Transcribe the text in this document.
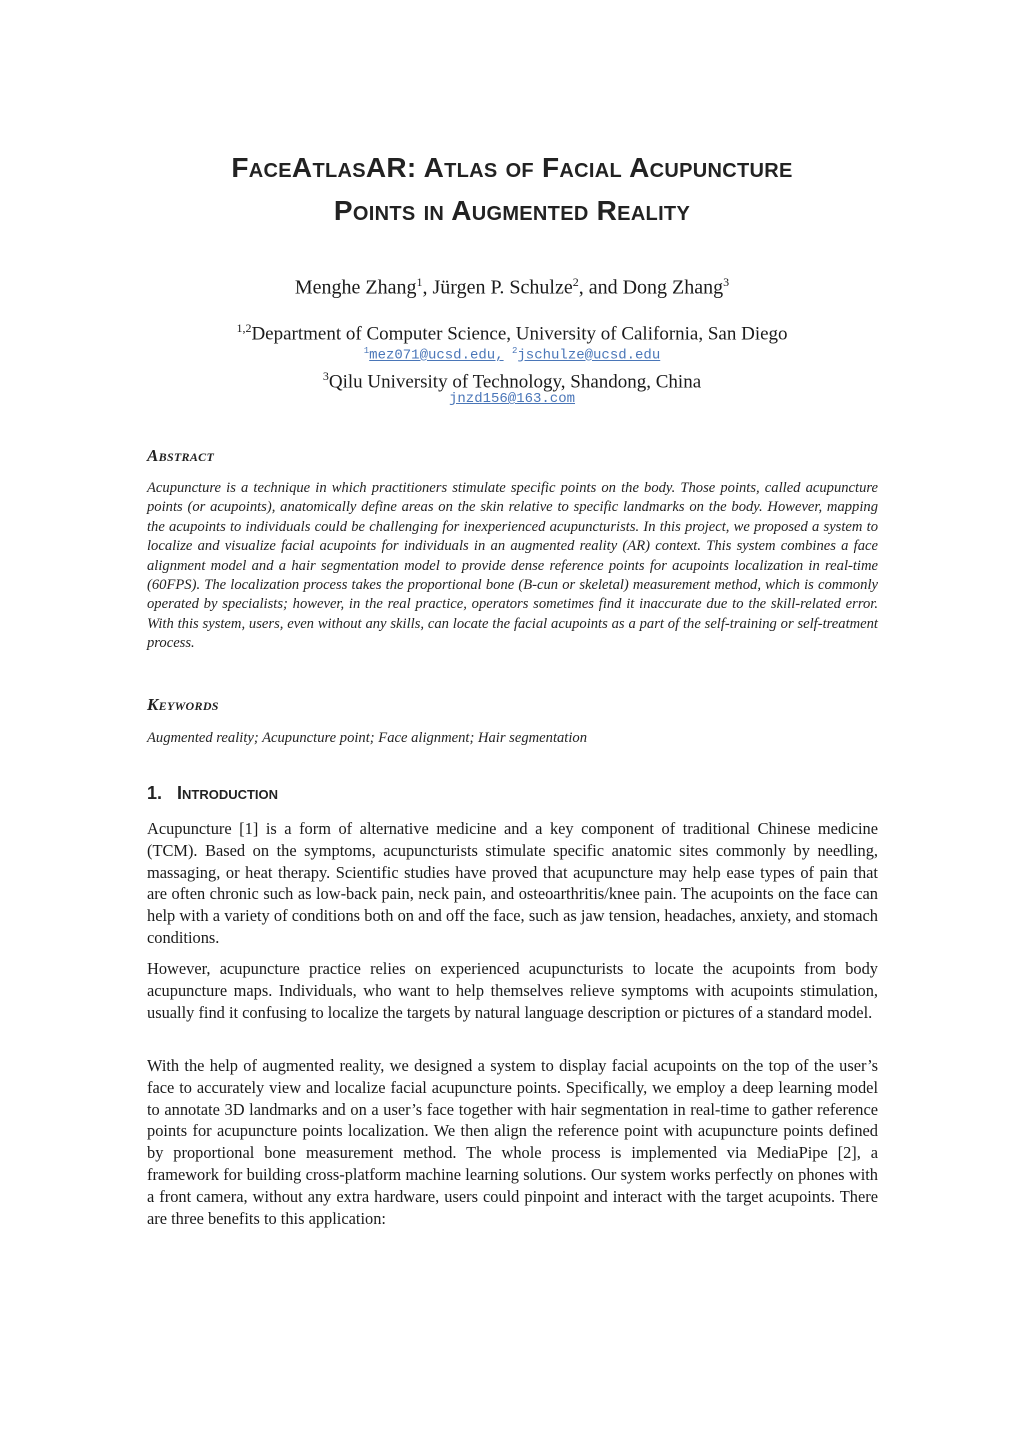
FaceAtlasAR: Atlas of Facial Acupuncture
Points in Augmented Reality
Menghe Zhang$^1$, Jürgen P. Schulze$^2$, and Dong Zhang$^3$
$^{1,2}$Department of Computer Science, University of California, San Diego
$^1$mez071@ucsd.edu, $^2$jschulze@ucsd.edu
$^3$Qilu University of Technology, Shandong, China
jnzd156@163.com
Abstract
Acupuncture is a technique in which practitioners stimulate specific points on the body. Those points, called acupuncture points (or acupoints), anatomically define areas on the skin relative to specific landmarks on the body. However, mapping the acupoints to individuals could be challenging for inexperienced acupuncturists. In this project, we proposed a system to localize and visualize facial acupoints for individuals in an augmented reality (AR) context. This system combines a face alignment model and a hair segmentation model to provide dense reference points for acupoints localization in real-time (60FPS). The localization process takes the proportional bone (B-cun or skeletal) measurement method, which is commonly operated by specialists; however, in the real practice, operators sometimes find it inaccurate due to the skill-related error. With this system, users, even without any skills, can locate the facial acupoints as a part of the self-training or self-treatment process.
Keywords
Augmented reality; Acupuncture point; Face alignment; Hair segmentation
1. Introduction
Acupuncture [1] is a form of alternative medicine and a key component of traditional Chinese medicine (TCM). Based on the symptoms, acupuncturists stimulate specific anatomic sites commonly by needling, massaging, or heat therapy. Scientific studies have proved that acupuncture may help ease types of pain that are often chronic such as low-back pain, neck pain, and osteoarthritis/knee pain. The acupoints on the face can help with a variety of conditions both on and off the face, such as jaw tension, headaches, anxiety, and stomach conditions.
However, acupuncture practice relies on experienced acupuncturists to locate the acupoints from body acupuncture maps. Individuals, who want to help themselves relieve symptoms with acupoints stimulation, usually find it confusing to localize the targets by natural language description or pictures of a standard model.
With the help of augmented reality, we designed a system to display facial acupoints on the top of the user’s face to accurately view and localize facial acupuncture points. Specifically, we employ a deep learning model to annotate 3D landmarks and on a user’s face together with hair segmentation in real-time to gather reference points for acupuncture points localization. We then align the reference point with acupuncture points defined by proportional bone measurement method. The whole process is implemented via MediaPipe [2], a framework for building cross-platform machine learning solutions. Our system works perfectly on phones with a front camera, without any extra hardware, users could pinpoint and interact with the target acupoints. There are three benefits to this application:
